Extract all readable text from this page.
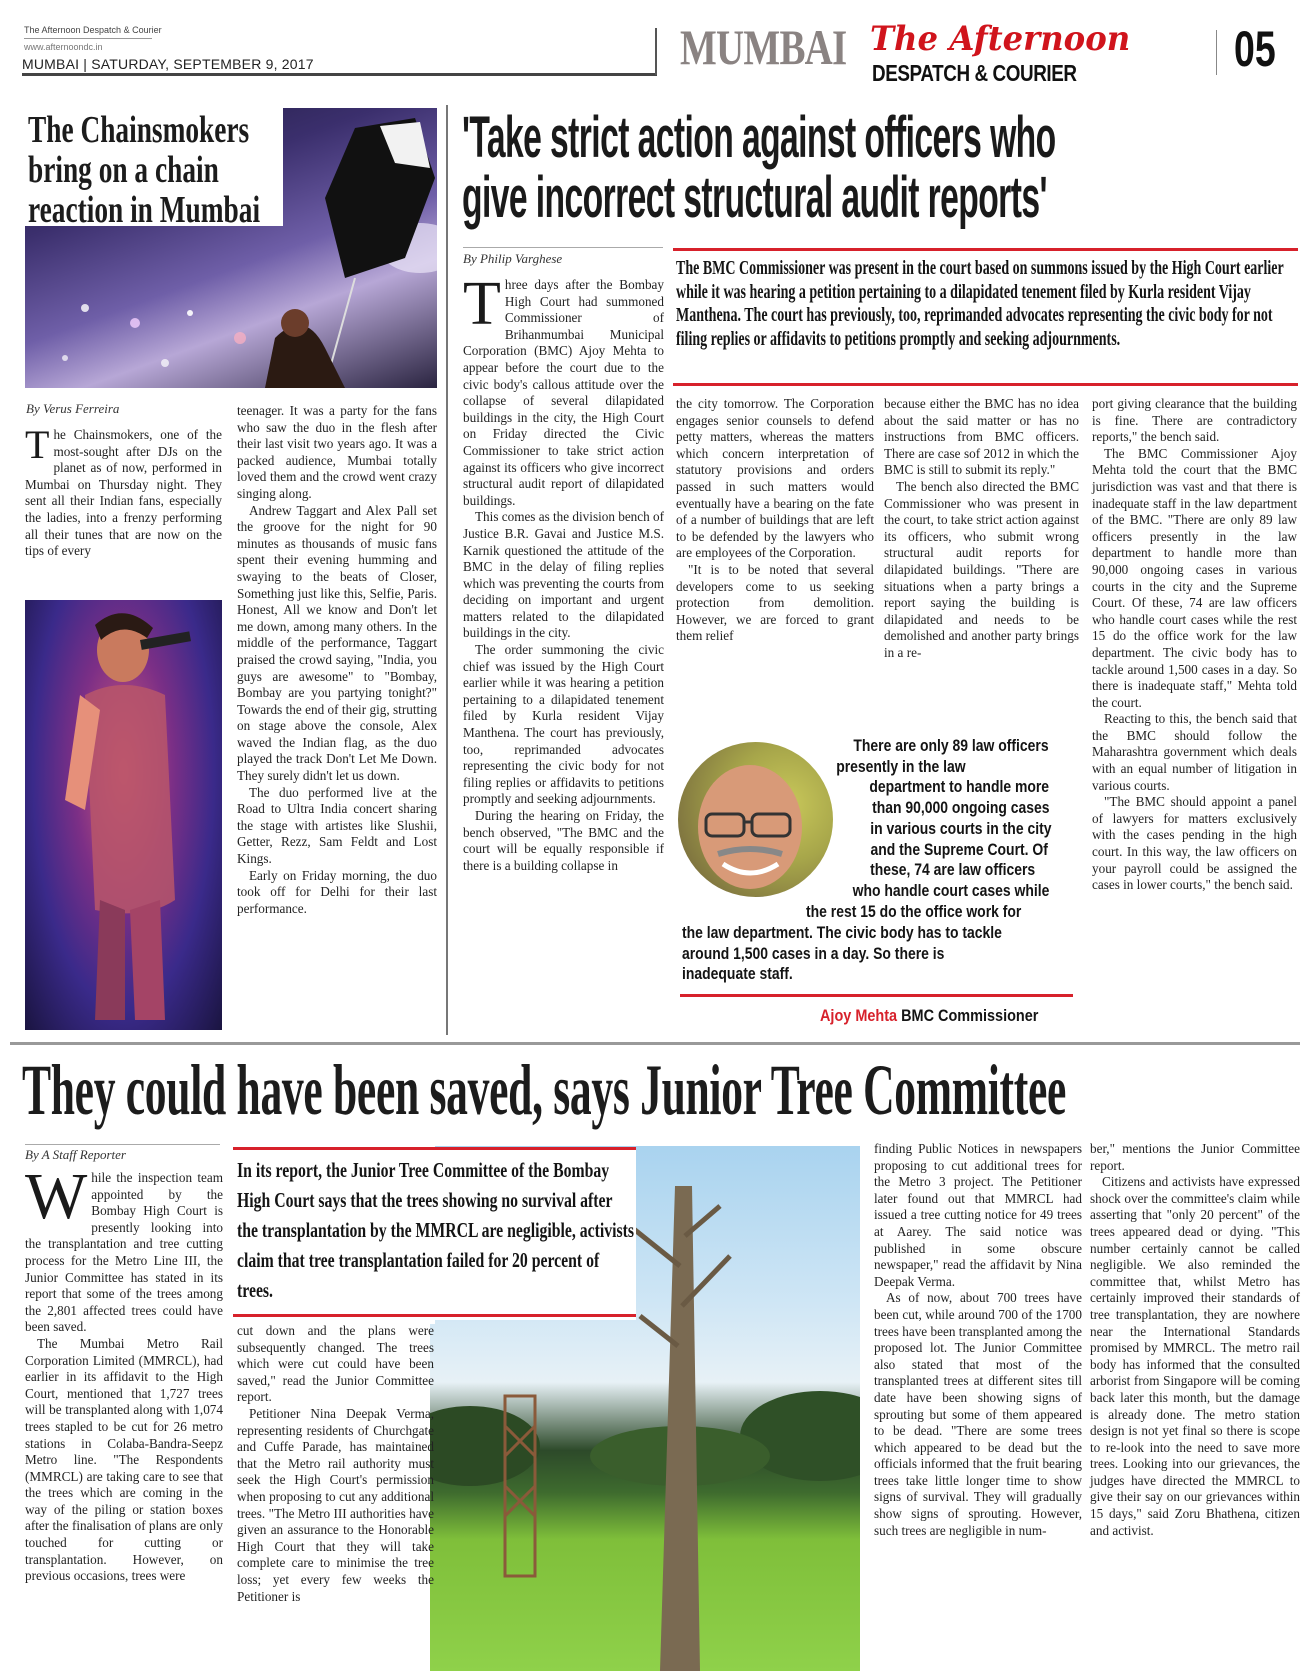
The Afternoon Despatch & Courier
www.afternoondc.in
MUMBAI | SATURDAY, SEPTEMBER 9, 2017	MUMBAI The Afternoon
DESPATCH & COURIER	05
The Chainsmokers
bring on a chain
reaction in Mumbai
By Verus Ferreira

The Chainsmokers, one of the most-sought after DJs on the planet as of now, performed in Mumbai on Thursday night. They sent all their Indian fans, especially the ladies, into a frenzy performing all their tunes that are now on the tips of every

teenager. It was a party for the fans who saw the duo in the flesh after their last visit two years ago. It was a packed audience, Mumbai totally loved them and the crowd went crazy singing along.

Andrew Taggart and Alex Pall set the groove for the night for 90 minutes as thousands of music fans spent their evening humming and swaying to the beats of Closer, Something just like this, Selfie, Paris. Honest, All we know and Don't let me down, among many others. In the middle of the performance, Taggart praised the crowd saying, "India, you guys are awesome" to "Bombay, Bombay are you partying tonight?" Towards the end of their gig, strutting on stage above the console, Alex waved the Indian flag, as the duo played the track Don't Let Me Down. They surely didn't let us down.

The duo performed live at the Road to Ultra India concert sharing the stage with artistes like Slushii, Getter, Rezz, Sam Feldt and Lost Kings.

Early on Friday morning, the duo took off for Delhi for their last performance.

'Take strict action against officers who
give incorrect structural audit reports'
By Philip Varghese	The BMC Commissioner was present in the court based on summons issued by the High Court earlier while it was hearing a petition pertaining to a dilapidated tenement filed by Kurla resident Vijay Manthena. The court has previously, too, reprimanded advocates representing the civic body for not filing replies or affidavits to petitions promptly and seeking adjournments.

Three days after the Bombay High Court had summoned Commissioner of Brihanmumbai Municipal Corporation (BMC) Ajoy Mehta to appear before the court due to the civic body's callous attitude over the collapse of several dilapidated buildings in the city, the High Court on Friday directed the Civic Commissioner to take strict action against its officers who give incorrect structural audit report of dilapidated buildings.

This comes as the division bench of Justice B.R. Gavai and Justice M.S. Karnik questioned the attitude of the BMC in the delay of filing replies which was preventing the courts from deciding on important and urgent matters related to the dilapidated buildings in the city.

The order summoning the civic chief was issued by the High Court earlier while it was hearing a petition pertaining to a dilapidated tenement filed by Kurla resident Vijay Manthena. The court has previously, too, reprimanded advocates representing the civic body for not filing replies or affidavits to petitions promptly and seeking adjournments.

During the hearing on Friday, the bench observed, "The BMC and the court will be equally responsible if there is a building collapse in

the city tomorrow. The Corporation engages senior counsels to defend petty matters, whereas the matters which concern interpretation of statutory provisions and orders passed in such matters would eventually have a bearing on the fate of a number of buildings that are left to be defended by the lawyers who are employees of the Corporation.

"It is to be noted that several developers come to us seeking protection from demolition. However, we are forced to grant them relief

because either the BMC has no idea about the said matter or has no instructions from BMC officers. There are case sof 2012 in which the BMC is still to submit its reply."

The bench also directed the BMC Commissioner who was present in the court, to take strict action against its officers, who submit wrong structural audit reports for dilapidated buildings. "There are situations when a party brings a report saying the building is dilapidated and needs to be demolished and another party brings in a re-

port giving clearance that the building is fine. There are contradictory reports," the bench said.

The BMC Commissioner Ajoy Mehta told the court that the BMC jurisdiction was vast and that there is inadequate staff in the law department of the BMC. "There are only 89 law officers presently in the law department to handle more than 90,000 ongoing cases in various courts in the city and the Supreme Court. Of these, 74 are law officers who handle court cases while the rest 15 do the office work for the law department. The civic body has to tackle around 1,500 cases in a day. So there is inadequate staff," Mehta told the court.

Reacting to this, the bench said that the BMC should follow the Maharashtra government which deals with an equal number of litigation in various courts.

"The BMC should appoint a panel of lawyers for matters exclusively with the cases pending in the high court. In this way, the law officers on your payroll could be assigned the cases in lower courts," the bench said.

There are only 89 law officers
presently in the law
department to handle more
than 90,000 ongoing cases
in various courts in the city
and the Supreme Court. Of
these, 74 are law officers
who handle court cases while
the rest 15 do the office work for
the law department. The civic body has to tackle
around 1,500 cases in a day. So there is
inadequate staff.
Ajoy Mehta BMC Commissioner
They could have been saved, says Junior Tree Committee
By A Staff Reporter

While the inspection team appointed by the Bombay High Court is presently looking into the transplantation and tree cutting process for the Metro Line III, the Junior Committee has stated in its report that some of the trees among the 2,801 affected trees could have been saved.

The Mumbai Metro Rail Corporation Limited (MMRCL), had earlier in its affidavit to the High Court, mentioned that 1,727 trees will be transplanted along with 1,074 trees stapled to be cut for 26 metro stations in Colaba-Bandra-Seepz Metro line. "The Respondents (MMRCL) are taking care to see that the trees which are coming in the way of the piling or station boxes after the finalisation of plans are only touched for cutting or transplantation. However, on previous occasions, trees were

In its report, the Junior Tree Committee of the Bombay High Court says that the trees showing no survival after the transplantation by the MMRCL are negligible, activists claim that tree transplantation failed for 20 percent of trees.

cut down and the plans were subsequently changed. The trees which were cut could have been saved," read the Junior Committee report.

Petitioner Nina Deepak Verma, representing residents of Churchgate and Cuffe Parade, has maintained that the Metro rail authority must seek the High Court's permission when proposing to cut any additional trees. "The Metro III authorities have given an assurance to the Honorable High Court that they will take complete care to minimise the tree loss; yet every few weeks the Petitioner is

finding Public Notices in newspapers proposing to cut additional trees for the Metro 3 project. The Petitioner later found out that MMRCL had issued a tree cutting notice for 49 trees at Aarey. The said notice was published in some obscure newspaper," read the affidavit by Nina Deepak Verma.

As of now, about 700 trees have been cut, while around 700 of the 1700 trees have been transplanted among the proposed lot. The Junior Committee also stated that most of the transplanted trees at different sites till date have been showing signs of sprouting but some of them appeared to be dead. "There are some trees which appeared to be dead but the officials informed that the fruit bearing trees take little longer time to show signs of survival. They will gradually show signs of sprouting. However, such trees are negligible in num-

ber," mentions the Junior Committee report.

Citizens and activists have expressed shock over the committee's claim while asserting that "only 20 percent" of the trees appeared dead or dying. "This number certainly cannot be called negligible. We also reminded the committee that, whilst Metro has certainly improved their standards of tree transplantation, they are nowhere near the International Standards promised by MMRCL. The metro rail body has informed that the consulted arborist from Singapore will be coming back later this month, but the damage is already done. The metro station design is not yet final so there is scope to re-look into the need to save more trees. Looking into our grievances, the judges have directed the MMRCL to give their say on our grievances within 15 days," said Zoru Bhathena, citizen and activist.
